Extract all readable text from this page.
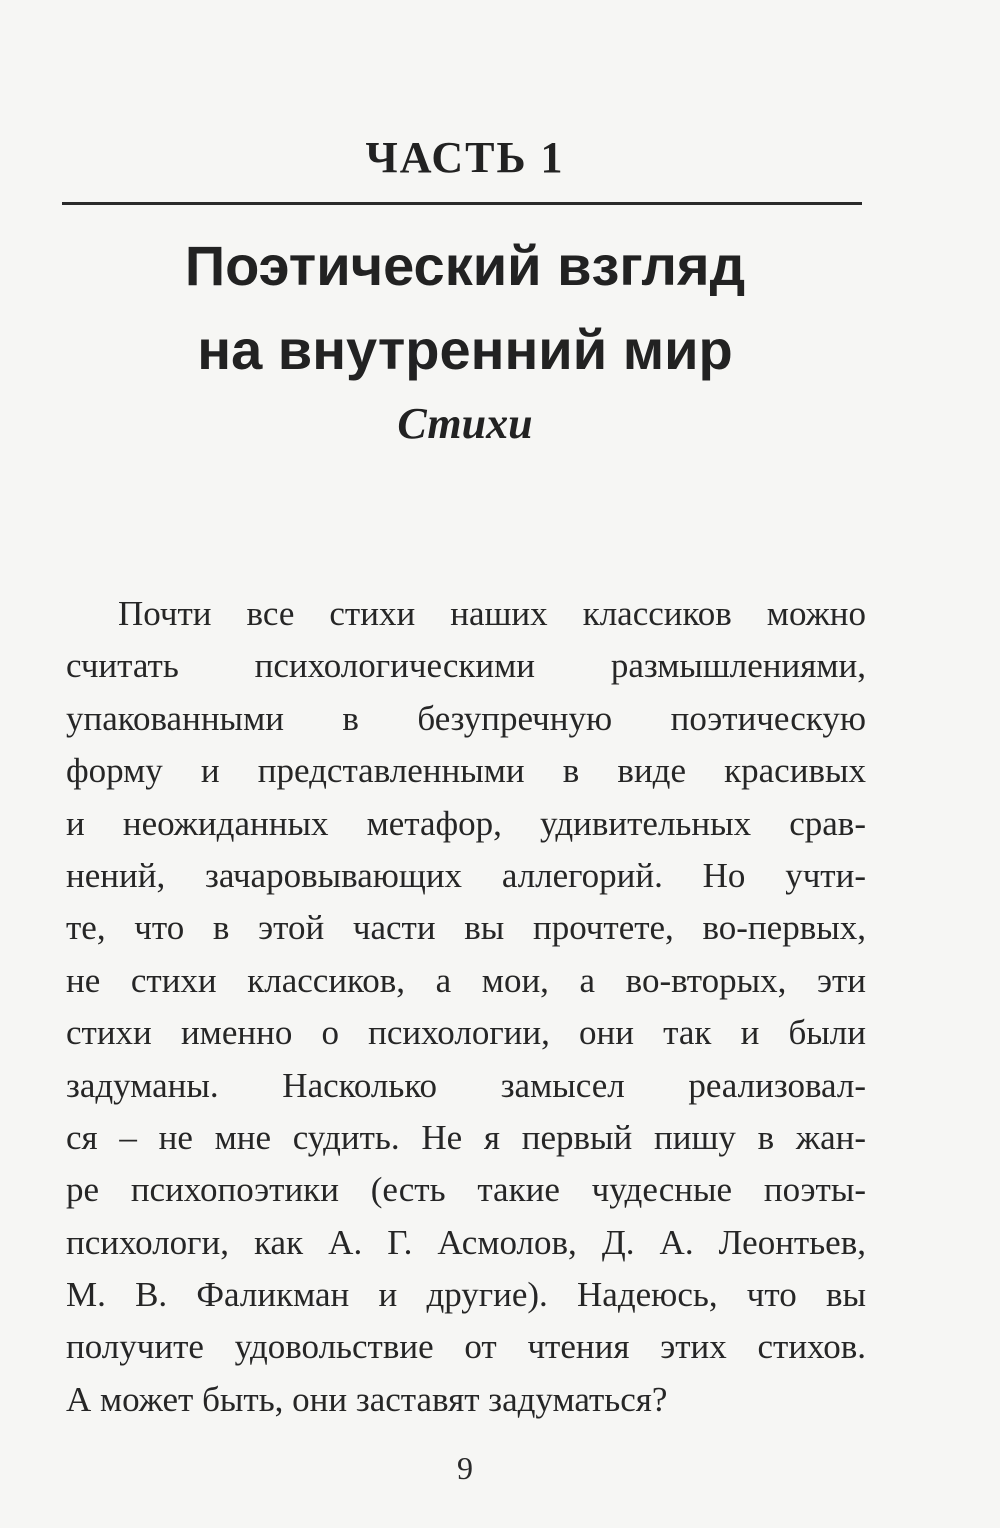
ЧАСТЬ 1
Поэтический взгляд
на внутренний мир
Стихи
Почти все стихи наших классиков можно
считать психологическими размышлениями,
упакованными в безупречную поэтическую
форму и представленными в виде красивых
и неожиданных метафор, удивительных срав-
нений, зачаровывающих аллегорий. Но учти-
те, что в этой части вы прочтете, во-первых,
не стихи классиков, а мои, а во-вторых, эти
стихи именно о психологии, они так и были
задуманы. Насколько замысел реализовал-
ся – не мне судить. Не я первый пишу в жан-
ре психопоэтики (есть такие чудесные поэты-
психологи, как А. Г. Асмолов, Д. А. Леонтьев,
М. В. Фаликман и другие). Надеюсь, что вы
получите удовольствие от чтения этих стихов.
А может быть, они заставят задуматься?
9
